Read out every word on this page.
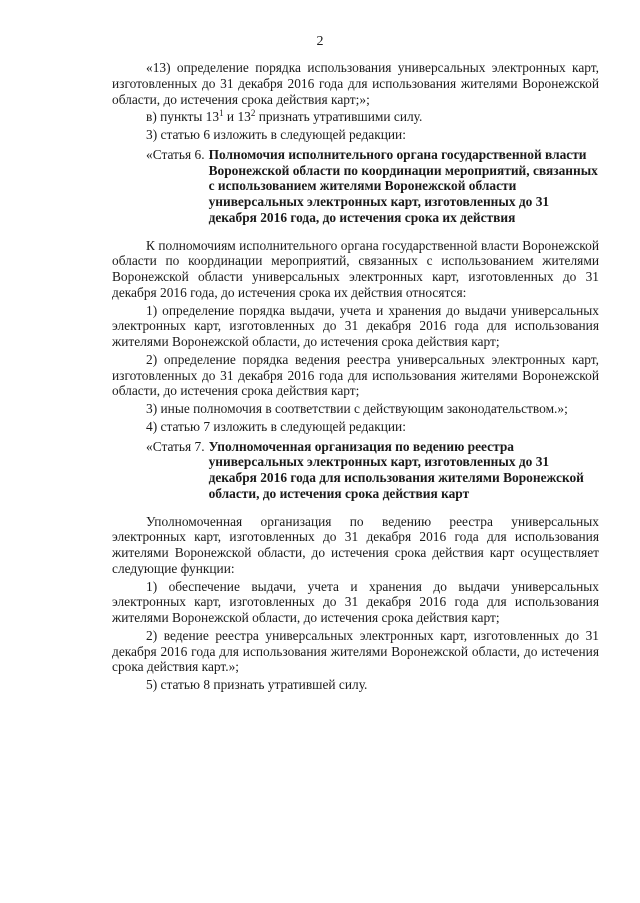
2

«13) определение порядка использования универсальных электронных карт, изготовленных до 31 декабря 2016 года для использования жителями Воронежской области, до истечения срока действия карт;»;

в) пункты $13^1$ и $13^2$ признать утратившими силу.

3) статью 6 изложить в следующей редакции:

«Статья 6. Полномочия исполнительного органа государственной власти Воронежской области по координации мероприятий, связанных с использованием жителями Воронежской области универсальных электронных карт, изготовленных до 31 декабря 2016 года, до истечения срока их действия

К полномочиям исполнительного органа государственной власти Воронежской области по координации мероприятий, связанных с использованием жителями Воронежской области универсальных электронных карт, изготовленных до 31 декабря 2016 года, до истечения срока их действия относятся:

1) определение порядка выдачи, учета и хранения до выдачи универсальных электронных карт, изготовленных до 31 декабря 2016 года для использования жителями Воронежской области, до истечения срока действия карт;

2) определение порядка ведения реестра универсальных электронных карт, изготовленных до 31 декабря 2016 года для использования жителями Воронежской области, до истечения срока действия карт;

3) иные полномочия в соответствии с действующим законодательством.»;

4) статью 7 изложить в следующей редакции:

«Статья 7. Уполномоченная организация по ведению реестра универсальных электронных карт, изготовленных до 31 декабря 2016 года для использования жителями Воронежской области, до истечения срока действия карт

Уполномоченная организация по ведению реестра универсальных электронных карт, изготовленных до 31 декабря 2016 года для использования жителями Воронежской области, до истечения срока действия карт осуществляет следующие функции:

1) обеспечение выдачи, учета и хранения до выдачи универсальных электронных карт, изготовленных до 31 декабря 2016 года для использования жителями Воронежской области, до истечения срока действия карт;

2) ведение реестра универсальных электронных карт, изготовленных до 31 декабря 2016 года для использования жителями Воронежской области, до истечения срока действия карт.»;

5) статью 8 признать утратившей силу.
